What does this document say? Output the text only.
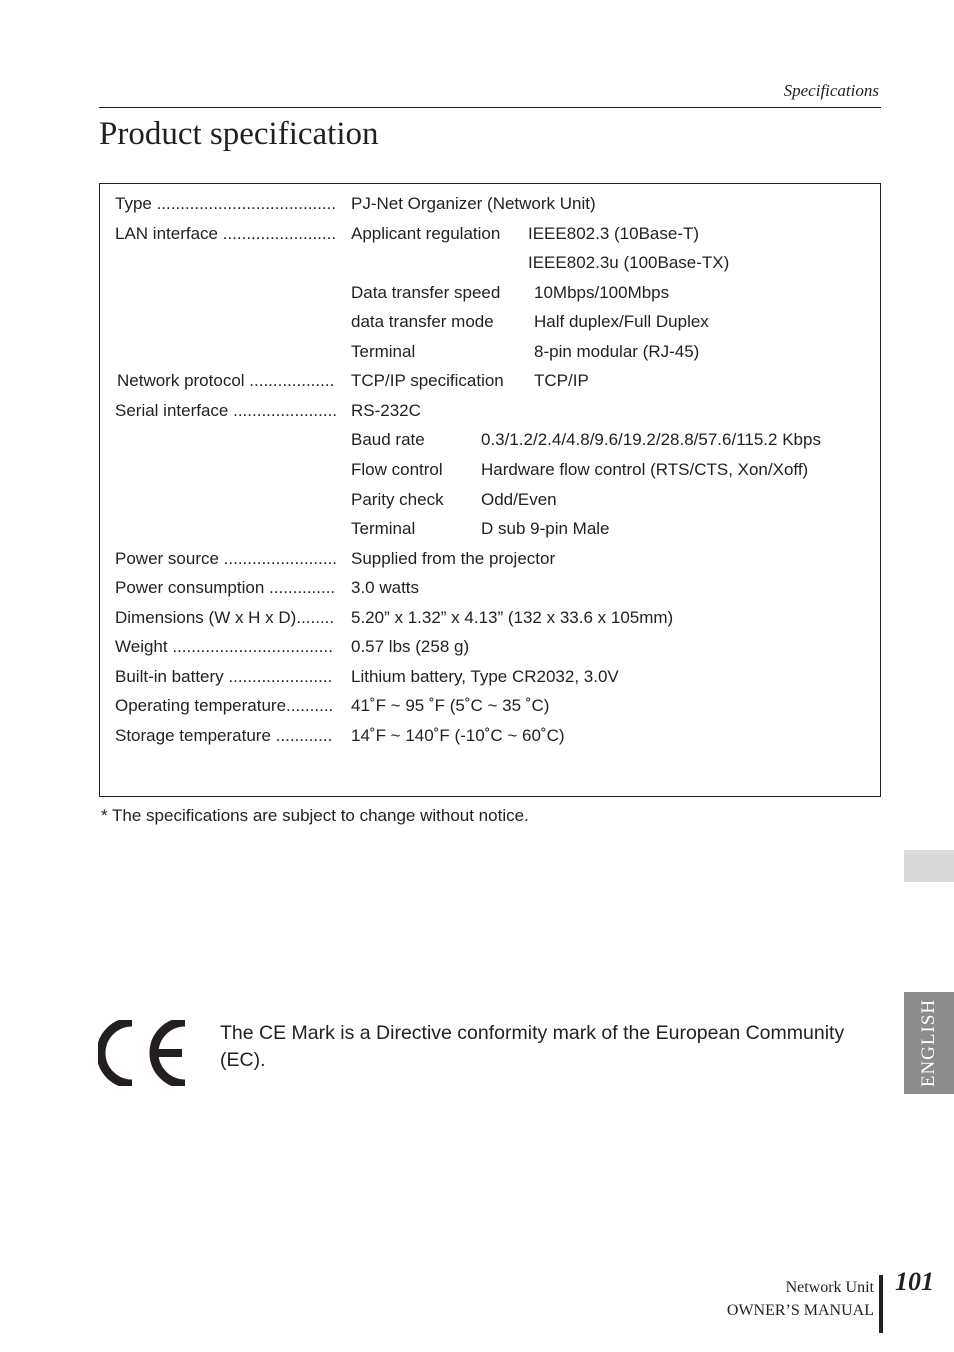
Specifications
Product specification
Type ...................................... PJ-Net Organizer (Network Unit)
LAN interface ........................ Applicant regulation IEEE802.3 (10Base-T)
IEEE802.3u (100Base-TX)
Data transfer speed 10Mbps/100Mbps
data transfer mode Half duplex/Full Duplex
Terminal	8-pin modular (RJ-45)
Network protocol .................. TCP/IP specification TCP/IP
Serial interface ...................... RS-232C
Baud rate	0.3/1.2/2.4/4.8/9.6/19.2/28.8/57.6/115.2 Kbps
Flow control Hardware flow control (RTS/CTS, Xon/Xoff)
Parity check Odd/Even
Terminal	D sub 9-pin Male
Power source ........................ Supplied from the projector
Power consumption .............. 3.0 watts
Dimensions (W x H x D)........ 5.20” x 1.32” x 4.13” (132 x 33.6 x 105mm)
Weight .................................. 0.57 lbs (258 g)
Built-in battery ...................... Lithium battery, Type CR2032, 3.0V
Operating temperature.......... 41˚F ~ 95 ˚F (5˚C ~ 35 ˚C)
Storage temperature ............ 14˚F ~ 140˚F (-10˚C ~ 60˚C)
* The specifications are subject to change without notice.
The CE Mark is a Directive conformity mark of the European Community (EC).	ENGLISH
Network Unit
OWNER’S MANUAL
101
